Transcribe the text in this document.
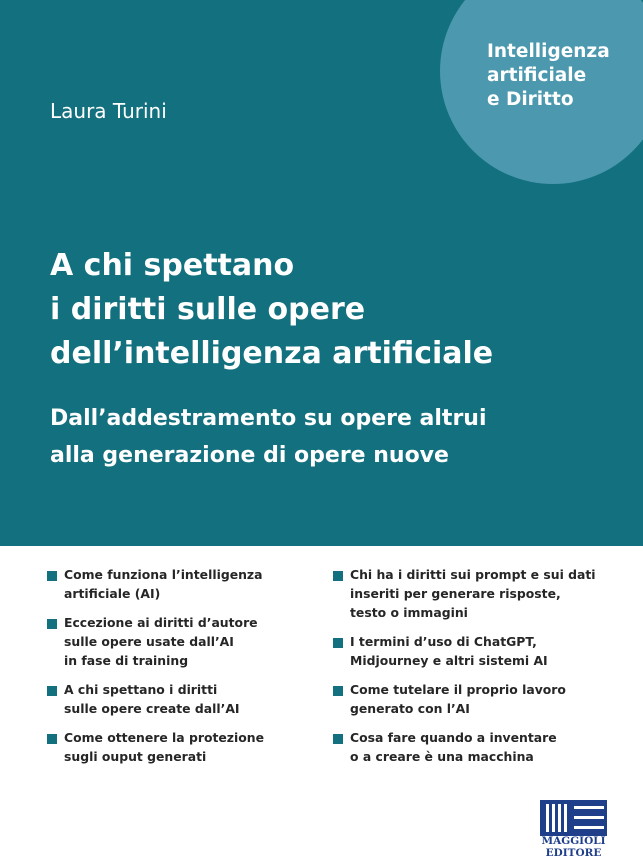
Intelligenza
artificiale
e Diritto
Laura Turini
A chi spettano
i diritti sulle opere
dell’intelligenza artificiale
Dall’addestramento su opere altrui
alla generazione di opere nuove
Come funziona l’intelligenza
artificiale (AI)
Eccezione ai diritti d’autore
sulle opere usate dall’AI
in fase di training
A chi spettano i diritti
sulle opere create dall’AI
Come ottenere la protezione
sugli ouput generati
Chi ha i diritti sui prompt e sui dati
inseriti per generare risposte,
testo o immagini
I termini d’uso di ChatGPT,
Midjourney e altri sistemi AI
Come tutelare il proprio lavoro
generato con l’AI
Cosa fare quando a inventare
o a creare è una macchina
MAGGIOLI
EDITORE
